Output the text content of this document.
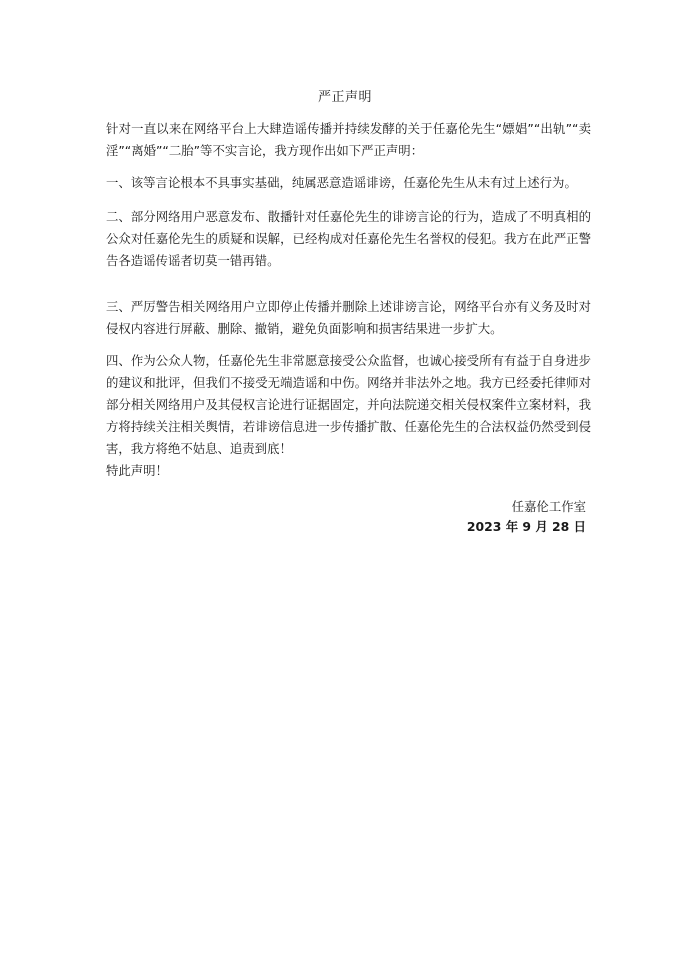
严正声明

针对一直以来在网络平台上大肆造谣传播并持续发酵的关于任嘉伦先生“嫖娼”“出轨”“卖淫”“离婚”“二胎”等不实言论，我方现作出如下严正声明：

一、该等言论根本不具事实基础，纯属恶意造谣诽谤，任嘉伦先生从未有过上述行为。

二、部分网络用户恶意发布、散播针对任嘉伦先生的诽谤言论的行为，造成了不明真相的公众对任嘉伦先生的质疑和误解，已经构成对任嘉伦先生名誉权的侵犯。我方在此严正警告各造谣传谣者切莫一错再错。

三、严厉警告相关网络用户立即停止传播并删除上述诽谤言论，网络平台亦有义务及时对侵权内容进行屏蔽、删除、撤销，避免负面影响和损害结果进一步扩大。

四、作为公众人物，任嘉伦先生非常愿意接受公众监督，也诚心接受所有有益于自身进步的建议和批评，但我们不接受无端造谣和中伤。网络并非法外之地。我方已经委托律师对部分相关网络用户及其侵权言论进行证据固定，并向法院递交相关侵权案件立案材料，我方将持续关注相关舆情，若诽谤信息进一步传播扩散、任嘉伦先生的合法权益仍然受到侵害，我方将绝不姑息、追责到底！

特此声明！

任嘉伦工作室
2023 年 9 月 28 日
